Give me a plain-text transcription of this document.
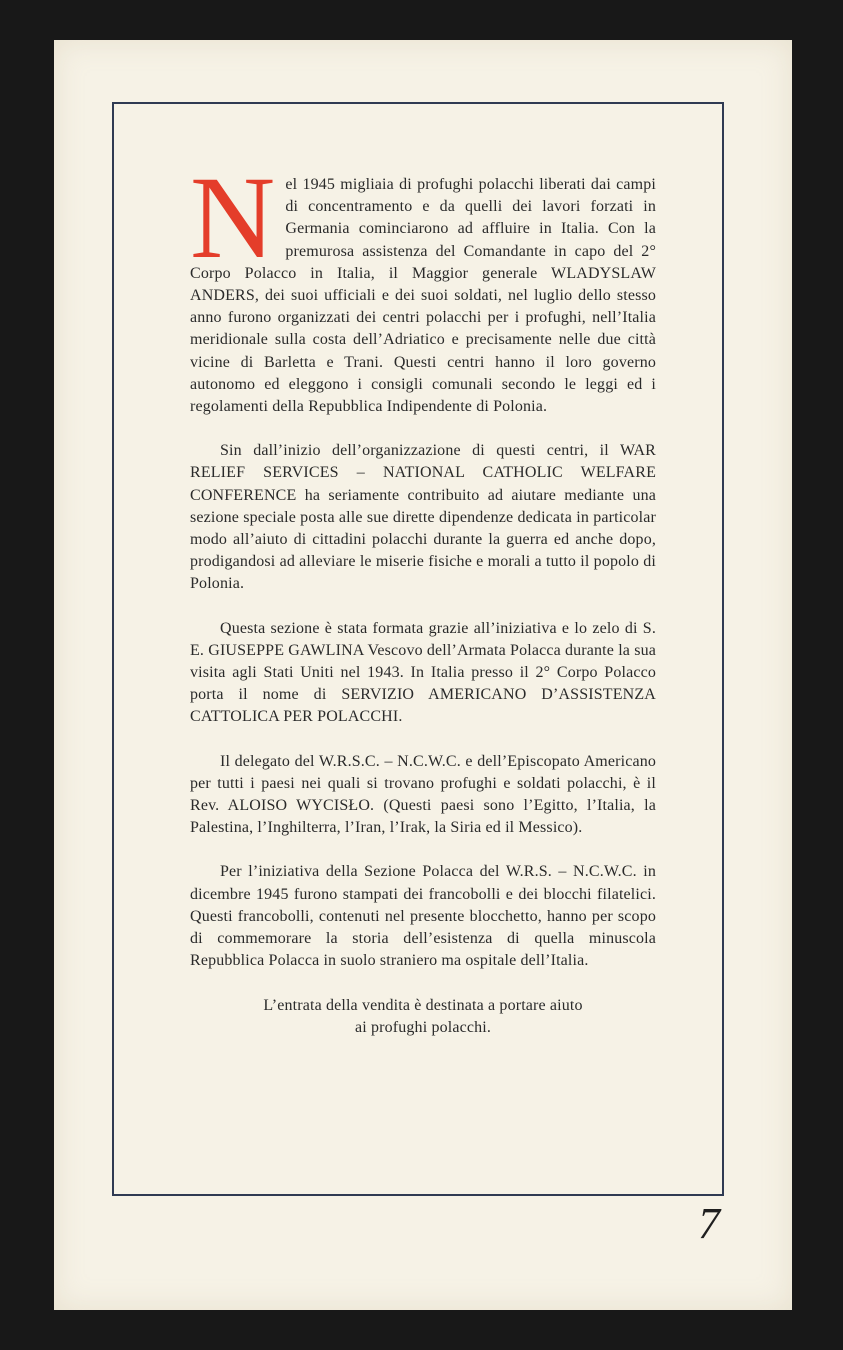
N el 1945 migliaia di profughi polacchi liberati dai campi di concentramento e da quelli dei lavori forzati in Germania cominciarono ad affluire in Italia. Con la premurosa assistenza del Comandante in capo del 2° Corpo Polacco in Italia, il Maggior generale WLADYSLAW ANDERS, dei suoi ufficiali e dei suoi soldati, nel luglio dello stesso anno furono organizzati dei centri polacchi per i profughi, nell’Italia meridionale sulla costa dell’Adriatico e precisamente nelle due città vicine di Barletta e Trani. Questi centri hanno il loro governo autonomo ed eleggono i consigli comunali secondo le leggi ed i regolamenti della Repubblica Indipendente di Polonia.

Sin dall’inizio dell’organizzazione di questi centri, il WAR RELIEF SERVICES – NATIONAL CATHOLIC WELFARE CONFERENCE ha seriamente contribuito ad aiutare mediante una sezione speciale posta alle sue dirette dipendenze dedicata in particolar modo all’aiuto di cittadini polacchi durante la guerra ed anche dopo, prodigandosi ad alleviare le miserie fisiche e morali a tutto il popolo di Polonia.

Questa sezione è stata formata grazie all’iniziativa e lo zelo di S. E. GIUSEPPE GAWLINA Vescovo dell’Armata Polacca durante la sua visita agli Stati Uniti nel 1943. In Italia presso il 2° Corpo Polacco porta il nome di SERVIZIO AMERICANO D’ASSISTENZA CATTOLICA PER POLACCHI.

Il delegato del W.R.S.C. – N.C.W.C. e dell’Episcopato Americano per tutti i paesi nei quali si trovano profughi e soldati polacchi, è il Rev. ALOISO WYCISŁO. (Questi paesi sono l’Egitto, l’Italia, la Palestina, l’Inghilterra, l’Iran, l’Irak, la Siria ed il Messico).

Per l’iniziativa della Sezione Polacca del W.R.S. – N.C.W.C. in dicembre 1945 furono stampati dei francobolli e dei blocchi filatelici. Questi francobolli, contenuti nel presente blocchetto, hanno per scopo di commemorare la storia dell’esistenza di quella minuscola Repubblica Polacca in suolo straniero ma ospitale dell’Italia.

L’entrata della vendita è destinata a portare aiuto
ai profughi polacchi.
7
